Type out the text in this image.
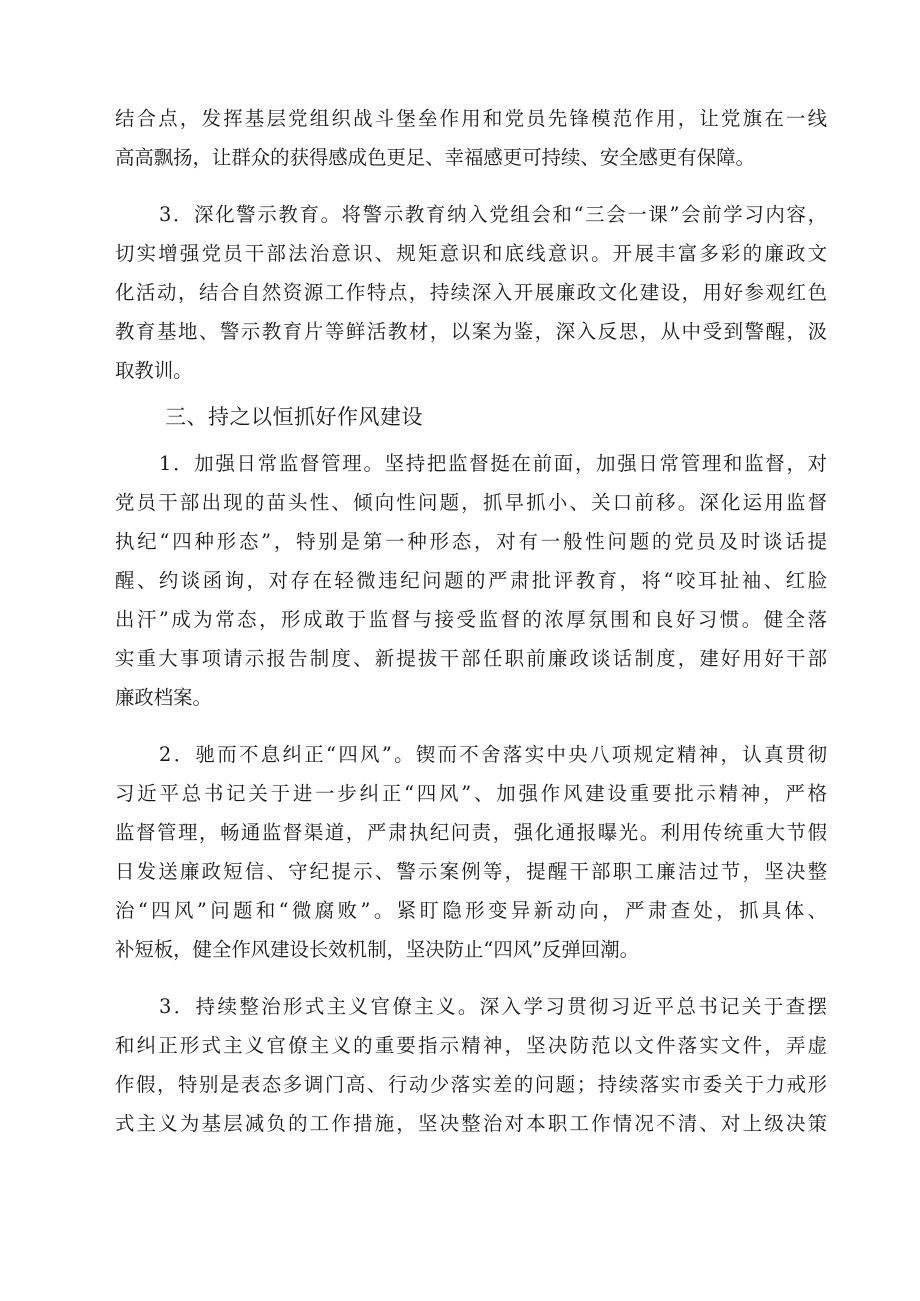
结合点，发挥基层党组织战斗堡垒作用和党员先锋模范作用，让党旗在一线
高高飘扬，让群众的获得感成色更足、幸福感更可持续、安全感更有保障。
3．深化警示教育。将警示教育纳入党组会和“三会一课”会前学习内容，
切实增强党员干部法治意识、规矩意识和底线意识。开展丰富多彩的廉政文
化活动，结合自然资源工作特点，持续深入开展廉政文化建设，用好参观红色
教育基地、警示教育片等鲜活教材，以案为鉴，深入反思，从中受到警醒，汲
取教训。
三、持之以恒抓好作风建设
1．加强日常监督管理。坚持把监督挺在前面，加强日常管理和监督，对
党员干部出现的苗头性、倾向性问题，抓早抓小、关口前移。深化运用监督
执纪“四种形态”，特别是第一种形态，对有一般性问题的党员及时谈话提
醒、约谈函询，对存在轻微违纪问题的严肃批评教育，将“咬耳扯袖、红脸
出汗”成为常态，形成敢于监督与接受监督的浓厚氛围和良好习惯。健全落
实重大事项请示报告制度、新提拔干部任职前廉政谈话制度，建好用好干部
廉政档案。
2．驰而不息纠正“四风”。锲而不舍落实中央八项规定精神，认真贯彻
习近平总书记关于进一步纠正“四风”、加强作风建设重要批示精神，严格
监督管理，畅通监督渠道，严肃执纪问责，强化通报曝光。利用传统重大节假
日发送廉政短信、守纪提示、警示案例等，提醒干部职工廉洁过节，坚决整
治“四风”问题和“微腐败”。紧盯隐形变异新动向，严肃查处，抓具体、
补短板，健全作风建设长效机制，坚决防止“四风”反弹回潮。
3．持续整治形式主义官僚主义。深入学习贯彻习近平总书记关于查摆
和纠正形式主义官僚主义的重要指示精神，坚决防范以文件落实文件，弄虚
作假，特别是表态多调门高、行动少落实差的问题；持续落实市委关于力戒形
式主义为基层减负的工作措施，坚决整治对本职工作情况不清、对上级决策
